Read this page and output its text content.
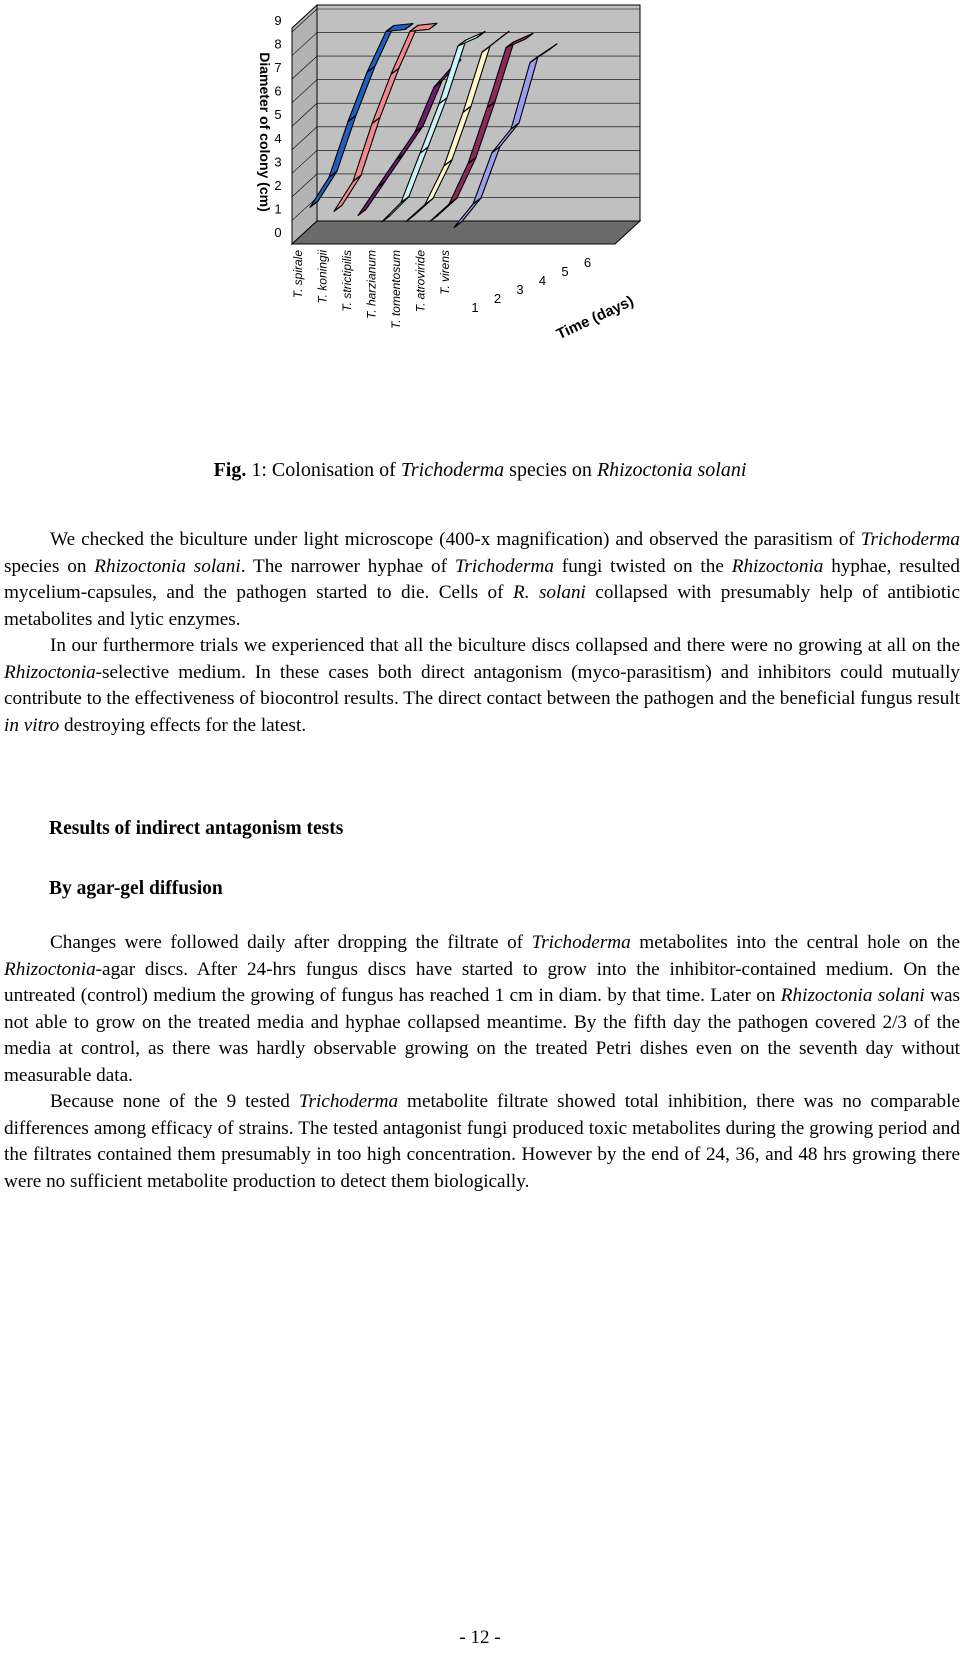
0
1
2
3
4
5
6
7
8
9
T. spirale T. koningii T. strictipilis T. harzianum T. tomentosum T. atroviride T. virens
1
2
3
4
5
6
Diameter of colony (cm)
Time (days)
Fig. 1: Colonisation of Trichoderma species on Rhizoctonia solani

We checked the biculture under light microscope (400-x magnification) and observed the parasitism of Trichoderma species on Rhizoctonia solani. The narrower hyphae of Trichoderma fungi twisted on the Rhizoctonia hyphae, resulted mycelium-capsules, and the pathogen started to die. Cells of R. solani collapsed with presumably help of antibiotic metabolites and lytic enzymes.

In our furthermore trials we experienced that all the biculture discs collapsed and there were no growing at all on the Rhizoctonia-selective medium. In these cases both direct antagonism (myco-parasitism) and inhibitors could mutually contribute to the effectiveness of biocontrol results. The direct contact between the pathogen and the beneficial fungus result in vitro destroying effects for the latest.

Results of indirect antagonism tests
By agar-gel diffusion

Changes were followed daily after dropping the filtrate of Trichoderma metabolites into the central hole on the Rhizoctonia-agar discs. After 24-hrs fungus discs have started to grow into the inhibitor-contained medium. On the untreated (control) medium the growing of fungus has reached 1 cm in diam. by that time. Later on Rhizoctonia solani was not able to grow on the treated media and hyphae collapsed meantime. By the fifth day the pathogen covered 2/3 of the media at control, as there was hardly observable growing on the treated Petri dishes even on the seventh day without measurable data.

Because none of the 9 tested Trichoderma metabolite filtrate showed total inhibition, there was no comparable differences among efficacy of strains. The tested antagonist fungi produced toxic metabolites during the growing period and the filtrates contained them presumably in too high concentration. However by the end of 24, 36, and 48 hrs growing there were no sufficient metabolite production to detect them biologically.

- 12 -
